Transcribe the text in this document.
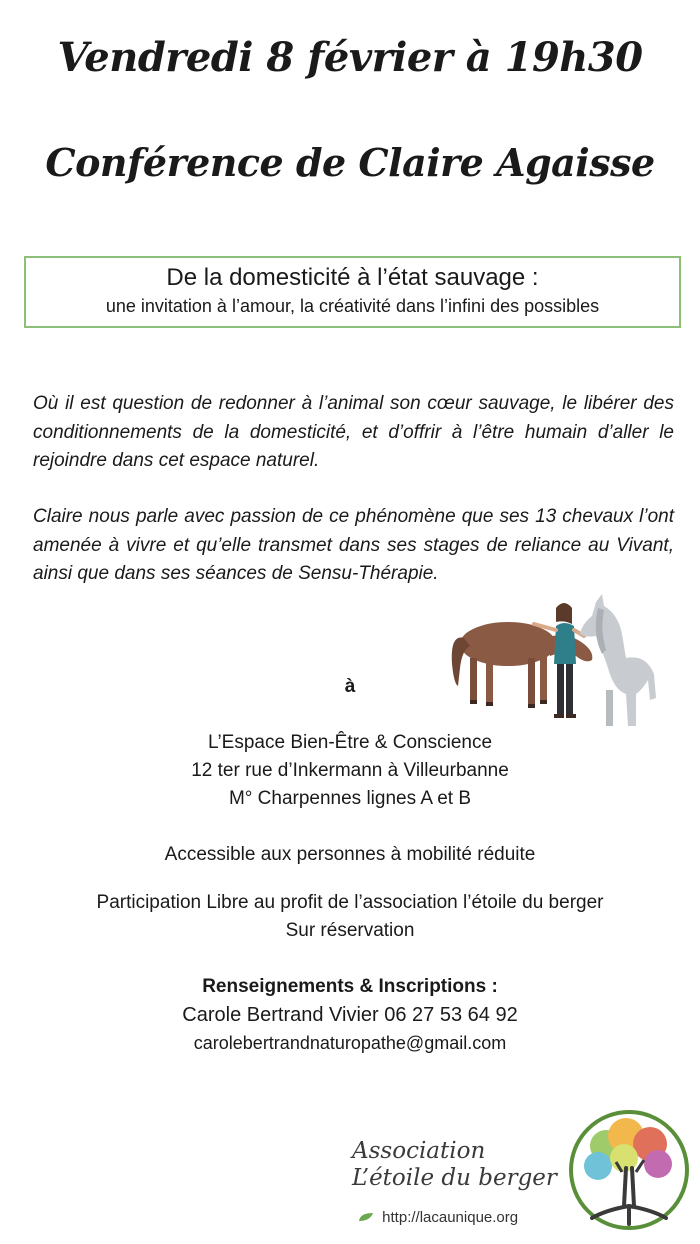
Vendredi 8 février à 19h30
Conférence de Claire Agaisse
De la domesticité à l’état sauvage :
une invitation à l’amour, la créativité dans l’infini des possibles

Où il est question de redonner à l’animal son cœur sauvage, le libérer des conditionnements de la domesticité, et d’offrir à l’être humain d’aller le rejoindre dans cet espace naturel.

Claire nous parle avec passion de ce phénomène que ses 13 chevaux l’ont amenée à vivre et qu’elle transmet dans ses stages de reliance au Vivant, ainsi que dans ses séances de Sensu-Thérapie.

à

L’Espace Bien-Être & Conscience

12 ter rue d’Inkermann à Villeurbanne

M° Charpennes lignes A et B

Accessible aux personnes à mobilité réduite

Participation Libre au profit de l’association l’étoile du berger

Sur réservation

Renseignements & Inscriptions :

Carole Bertrand Vivier 06 27 53 64 92

carolebertrandnaturopathe@gmail.com

Association
L’étoile du berger
http://lacaunique.org
